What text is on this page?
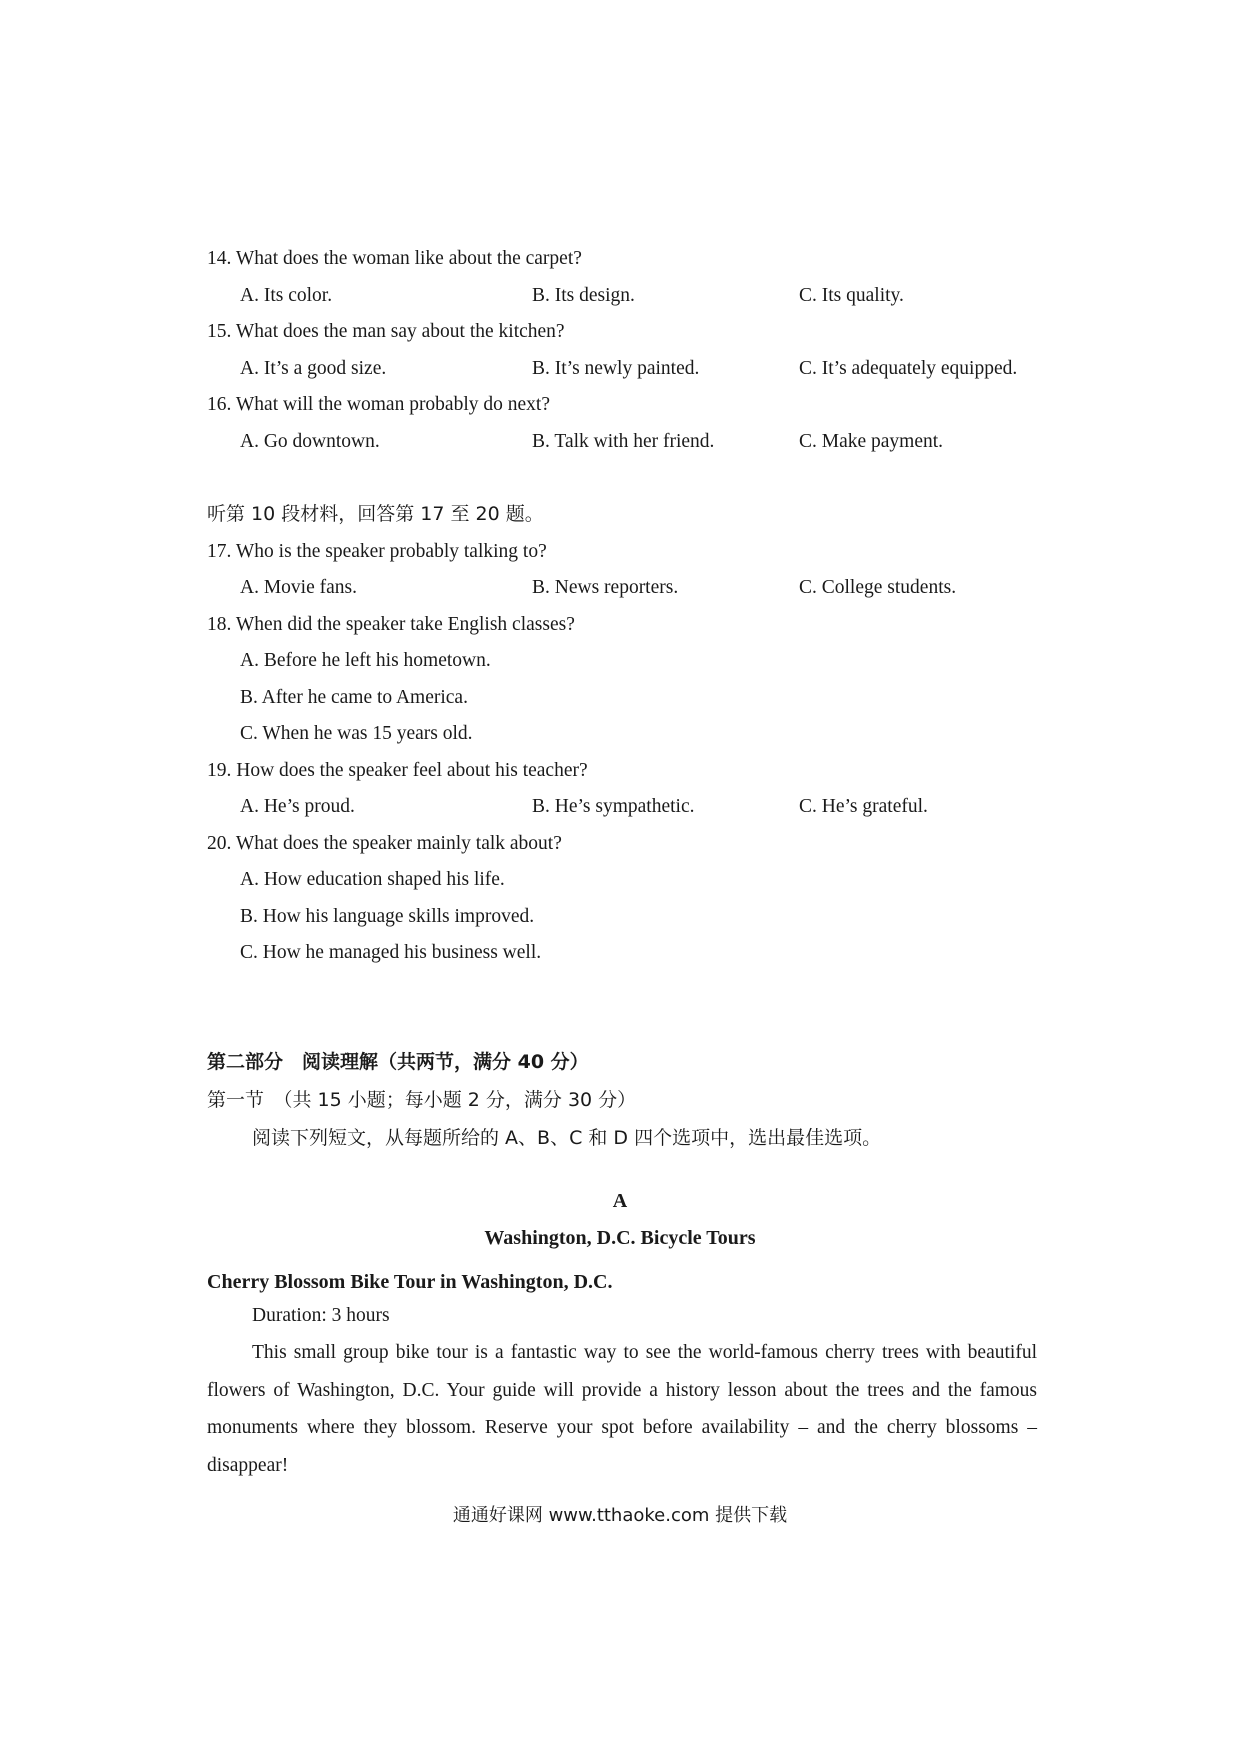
14. What does the woman like about the carpet?
A. Its color.	B. Its design.	C. Its quality.
15. What does the man say about the kitchen?
A. It’s a good size.	B. It’s newly painted.	C. It’s adequately equipped.
16. What will the woman probably do next?
A. Go downtown.	B. Talk with her friend.	C. Make payment.
听第 10 段材料，回答第 17 至 20 题。
17. Who is the speaker probably talking to?
A. Movie fans.	B. News reporters.	C. College students.
18. When did the speaker take English classes?
A. Before he left his hometown.
B. After he came to America.
C. When he was 15 years old.
19. How does the speaker feel about his teacher?
A. He’s proud.	B. He’s sympathetic.	C. He’s grateful.
20. What does the speaker mainly talk about?
A. How education shaped his life.
B. How his language skills improved.
C. How he managed his business well.
第二部分　阅读理解（共两节，满分 40 分）
第一节　（共 15 小题；每小题 2 分，满分 30 分）
阅读下列短文，从每题所给的 A、B、C 和 D 四个选项中，选出最佳选项。
A
Washington, D.C. Bicycle Tours
Cherry Blossom Bike Tour in Washington, D.C.
Duration: 3 hours
This small group bike tour is a fantastic way to see the world-famous cherry trees with beautiful flowers of Washington, D.C. Your guide will provide a history lesson about the trees and the famous monuments where they blossom. Reserve your spot before availability – and the cherry blossoms – disappear!
通通好课网 www.tthaoke.com 提供下载
